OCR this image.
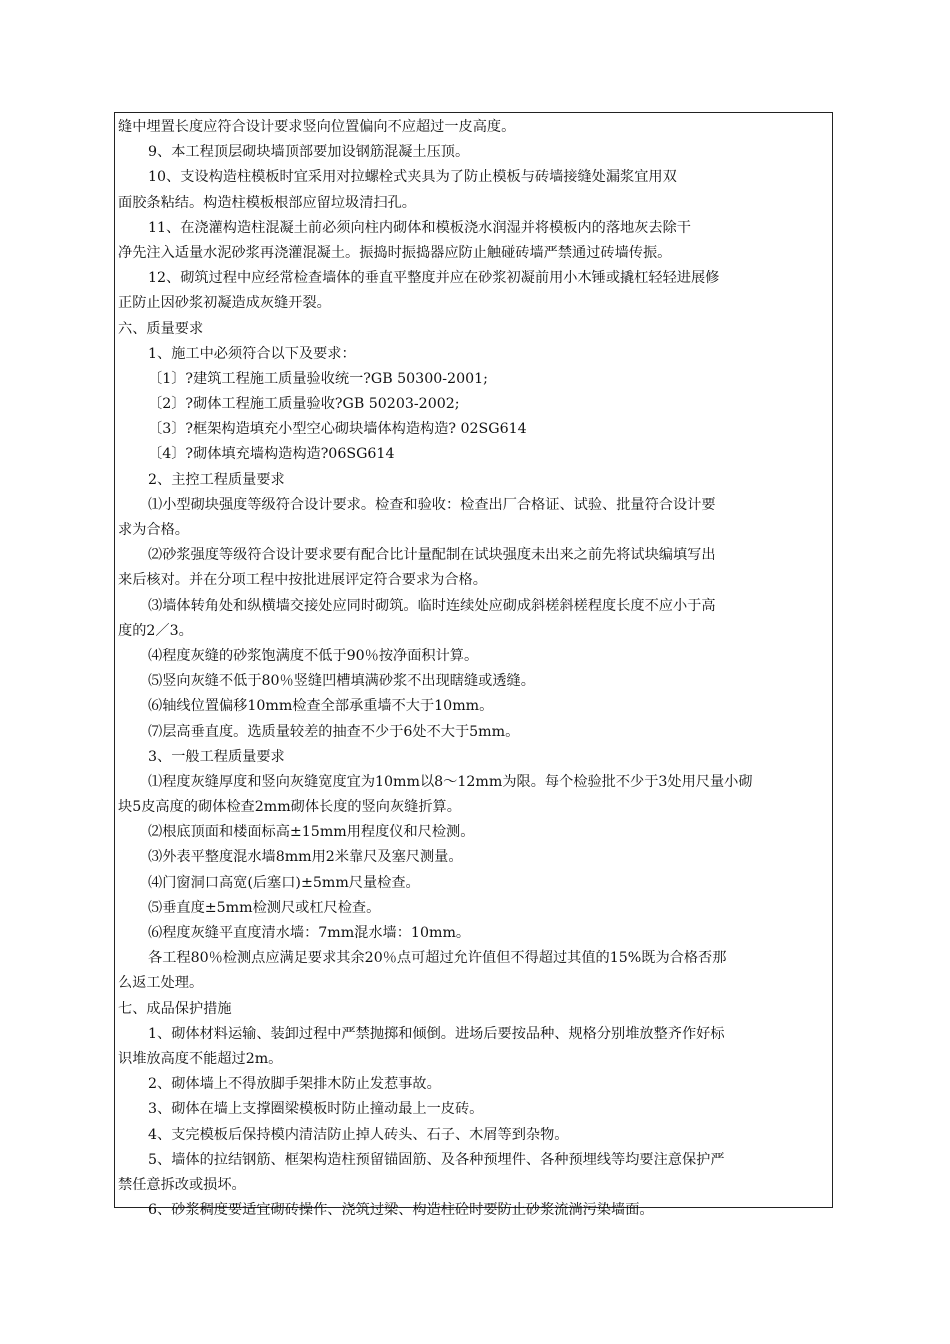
缝中埋置长度应符合设计要求竖向位置偏向不应超过一皮高度。
9、本工程顶层砌块墙顶部要加设钢筋混凝土压顶。
10、支设构造柱模板时宜采用对拉螺栓式夹具为了防止模板与砖墙接缝处漏浆宜用双
面胶条粘结。构造柱模板根部应留垃圾清扫孔。
11、在浇灌构造柱混凝土前必须向柱内砌体和模板浇水润湿并将模板内的落地灰去除干
净先注入适量水泥砂浆再浇灌混凝土。振捣时振捣器应防止触碰砖墙严禁通过砖墙传振。
12、砌筑过程中应经常检查墙体的垂直平整度并应在砂浆初凝前用小木锤或撬杠轻轻进展修
正防止因砂浆初凝造成灰缝开裂。
六、质量要求
1、施工中必须符合以下及要求：
〔1〕?建筑工程施工质量验收统一?GB 50300-2001;
〔2〕?砌体工程施工质量验收?GB 50203-2002;
〔3〕?框架构造填充小型空心砌块墙体构造构造? 02SG614
〔4〕?砌体填充墙构造构造?06SG614
2、主控工程质量要求
⑴小型砌块强度等级符合设计要求。检查和验收：检查出厂合格证、试验、批量符合设计要
求为合格。
⑵砂浆强度等级符合设计要求要有配合比计量配制在试块强度未出来之前先将试块编填写出
来后核对。并在分项工程中按批进展评定符合要求为合格。
⑶墙体转角处和纵横墙交接处应同时砌筑。临时连续处应砌成斜槎斜槎程度长度不应小于高
度的2／3。
⑷程度灰缝的砂浆饱满度不低于90％按净面积计算。
⑸竖向灰缝不低于80％竖缝凹槽填满砂浆不出现瞎缝或透缝。
⑹轴线位置偏移10mm检查全部承重墙不大于10mm。
⑺层高垂直度。选质量较差的抽查不少于6处不大于5mm。
3、一般工程质量要求
⑴程度灰缝厚度和竖向灰缝宽度宜为10mm以8～12mm为限。每个检验批不少于3处用尺量小砌
块5皮高度的砌体检查2mm砌体长度的竖向灰缝折算。
⑵根底顶面和楼面标高±15mm用程度仪和尺检测。
⑶外表平整度混水墙8mm用2米靠尺及塞尺测量。
⑷门窗洞口高宽(后塞口)±5mm尺量检查。
⑸垂直度±5mm检测尺或杠尺检查。
⑹程度灰缝平直度清水墙：7mm混水墙：10mm。
各工程80％检测点应满足要求其余20％点可超过允许值但不得超过其值的15%既为合格否那
么返工处理。
七、成品保护措施
1、砌体材料运输、装卸过程中严禁抛掷和倾倒。进场后要按品种、规格分别堆放整齐作好标
识堆放高度不能超过2m。
2、砌体墙上不得放脚手架排木防止发惹事故。
3、砌体在墙上支撑圈梁模板时防止撞动最上一皮砖。
4、支完模板后保持模内清洁防止掉人砖头、石子、木屑等到杂物。
5、墙体的拉结钢筋、框架构造柱预留锚固筋、及各种预埋件、各种预埋线等均要注意保护严
禁任意拆改或损坏。
6、砂浆稠度要适宜砌砖操作、浇筑过梁、构造柱砼时要防止砂浆流淌污染墙面。
